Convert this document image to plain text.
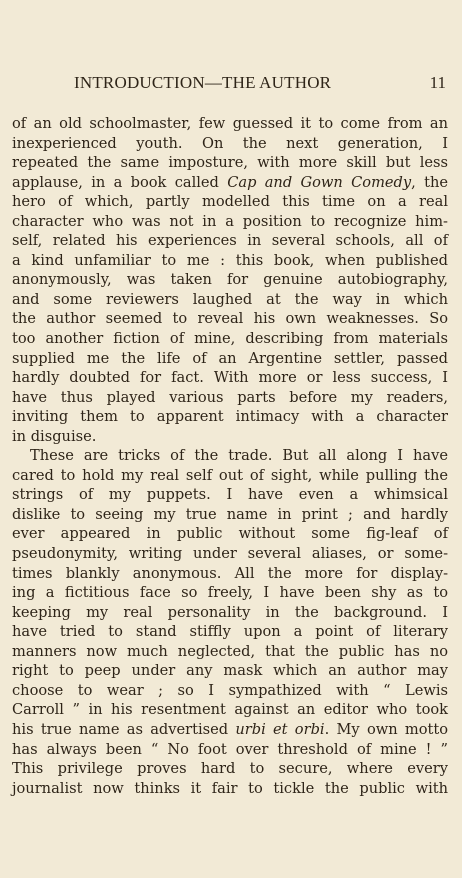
INTRODUCTION—THE AUTHOR	11
of an old schoolmaster, few guessed it to come from an
inexperienced youth. On the next generation, I
repeated the same imposture, with more skill but less
applause, in a book called Cap and Gown Comedy, the
hero of which, partly modelled this time on a real
character who was not in a position to recognize him-
self, related his experiences in several schools, all of
a kind unfamiliar to me : this book, when published
anonymously, was taken for genuine autobiography,
and some reviewers laughed at the way in which
the author seemed to reveal his own weaknesses. So
too another fiction of mine, describing from materials
supplied me the life of an Argentine settler, passed
hardly doubted for fact. With more or less success, I
have thus played various parts before my readers,
inviting them to apparent intimacy with a character
in disguise.
These are tricks of the trade. But all along I have
cared to hold my real self out of sight, while pulling the
strings of my puppets. I have even a whimsical
dislike to seeing my true name in print ; and hardly
ever appeared in public without some fig-leaf of
pseudonymity, writing under several aliases, or some-
times blankly anonymous. All the more for display-
ing a fictitious face so freely, I have been shy as to
keeping my real personality in the background. I
have tried to stand stiffly upon a point of literary
manners now much neglected, that the public has no
right to peep under any mask which an author may
choose to wear ; so I sympathized with “ Lewis
Carroll ” in his resentment against an editor who took
his true name as advertised urbi et orbi. My own motto
has always been “ No foot over threshold of mine ! ”
This privilege proves hard to secure, where every
journalist now thinks it fair to tickle the public with
